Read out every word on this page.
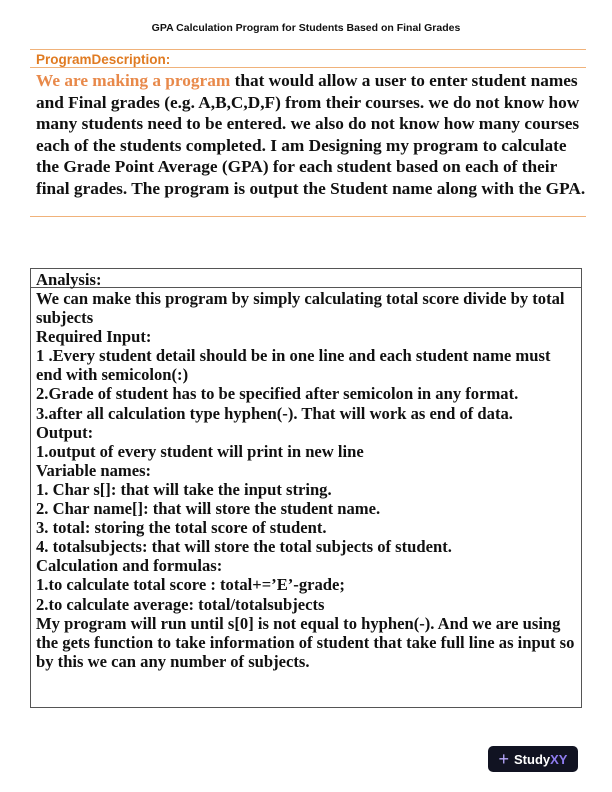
GPA Calculation Program for Students Based on Final Grades
ProgramDescription:
We are making a program that would allow a user to enter student names and Final grades (e.g. A,B,C,D,F) from their courses. we do not know how many students need to be entered. we also do not know how many courses each of the students completed. I am Designing my program to calculate the Grade Point Average (GPA) for each student based on each of their final grades. The program is output the Student name along with the GPA.
Analysis:
We can make this program by simply calculating total score divide by total subjects
Required Input:
1 .Every student detail should be in one line and each student name must end with semicolon(:)
2.Grade of student has to be specified after semicolon in any format.
3.after all calculation type hyphen(-). That will work as end of data.
Output:
1.output of every student will print in new line
Variable names:
1. Char s[]: that will take the input string.
2. Char name[]: that will store the student name.
3. total: storing the total score of student.
4. totalsubjects: that will store the total subjects of student.
Calculation and formulas:
1.to calculate total score : total+=’E’-grade;
2.to calculate average: total/totalsubjects
My program will run until s[0] is not equal to hyphen(-). And we are using the gets function to take information of student that take full line as input so by this we can any number of subjects.
+ StudyXY
